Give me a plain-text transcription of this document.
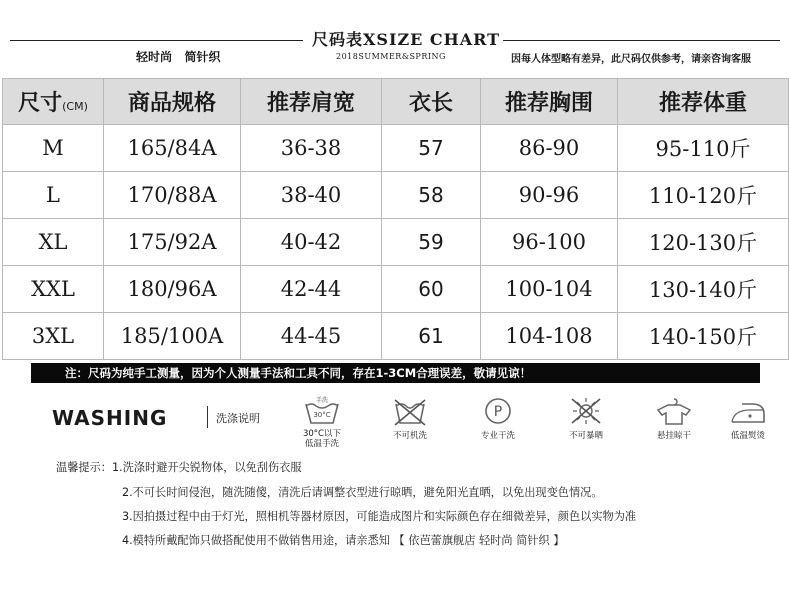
尺码表XSIZE CHART
2018SUMMER&SPRING
轻时尚   简针织	因每人体型略有差异，此尺码仅供参考，请亲咨询客服
尺寸(CM)	商品规格	推荐肩宽	衣长	推荐胸围	推荐体重
M	165/84A	36-38	57	86-90	95-110斤
L	170/88A	38-40	58	90-96	110-120斤
XL	175/92A	40-42	59	96-100	120-130斤
XXL	180/96A	42-44	60	100-104	130-140斤
3XL	185/100A	44-45	61	104-108	140-150斤
注：尺码为纯手工测量，因为个人测量手法和工具不同，存在1-3CM合理误差，敬请见谅！
WASHING	洗涤说明
手洗
30°C
30°C以下
低温手洗
不可机洗
P
专业干洗	不可暴晒	悬挂晾干	低温熨烫
温馨提示：1.洗涤时避开尖锐物体，以免刮伤衣服
2.不可长时间侵泡，随洗随傻，清洗后请调整衣型进行晾晒，避免阳光直晒，以免出现变色情况。
3.因拍摄过程中由于灯光，照相机等器材原因，可能造成图片和实际颜色存在细微差异，颜色以实物为准
4.模特所戴配饰只做搭配使用不做销售用途，请亲悉知 【 依芭蕾旗舰店 轻时尚 简针织 】
